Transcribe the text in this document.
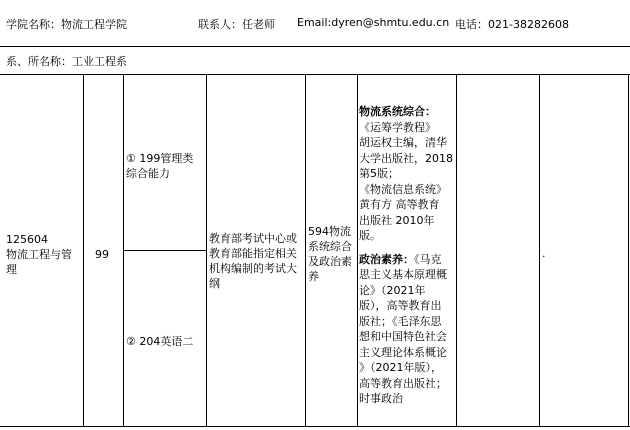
学院名称：物流工程学院	联系人：任老师 Email:dyren@shmtu.edu.cn 电话：021-38282608
系、所名称：工业工程系
125604
物流工程与管理
99
① 199管理类综合能力
② 204英语二
教育部考试中心或教育部能指定相关机构编制的考试大纲
594物流系统综合及政治素养
物流系统综合：
《运筹学教程》
胡运权主编，清华
大学出版社，2018
第5版；
《物流信息系统》
黄有方 高等教育
出版社 2010年
版。
政治素养：《马克
思主义基本原理概
论》（2021年
版），高等教育出
版社；《毛泽东思
想和中国特色社会
主义理论体系概论
》（2021年版），
高等教育出版社；
时事政治
.
